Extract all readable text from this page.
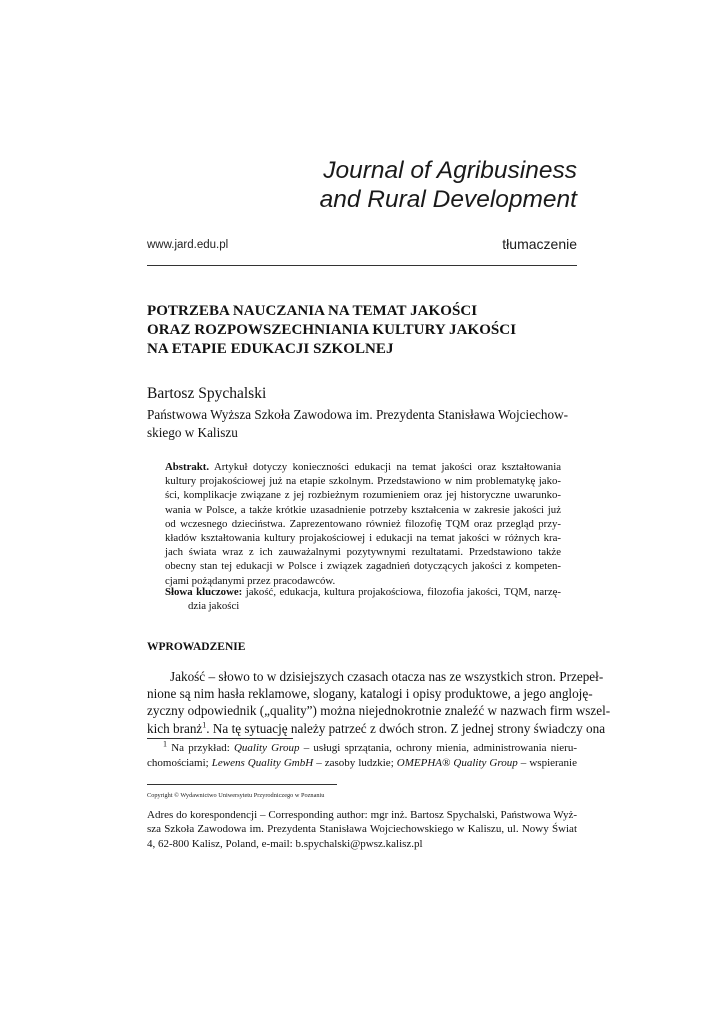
Journal of Agribusiness
and Rural Development
www.jard.edu.pl	tłumaczenie
POTRZEBA NAUCZANIA NA TEMAT JAKOŚCI
ORAZ ROZPOWSZECHNIANIA KULTURY JAKOŚCI
NA ETAPIE EDUKACJI SZKOLNEJ
Bartosz Spychalski
Państwowa Wyższa Szkoła Zawodowa im. Prezydenta Stanisława Wojciechow-
skiego w Kaliszu
Abstrakt. Artykuł dotyczy konieczności edukacji na temat jakości oraz kształtowania
kultury projakościowej już na etapie szkolnym. Przedstawiono w nim problematykę jako-
ści, komplikacje związane z jej rozbieżnym rozumieniem oraz jej historyczne uwarunko-
wania w Polsce, a także krótkie uzasadnienie potrzeby kształcenia w zakresie jakości już
od wczesnego dzieciństwa. Zaprezentowano również filozofię TQM oraz przegląd przy-
kładów kształtowania kultury projakościowej i edukacji na temat jakości w różnych kra-
jach świata wraz z ich zauważalnymi pozytywnymi rezultatami. Przedstawiono także
obecny stan tej edukacji w Polsce i związek zagadnień dotyczących jakości z kompeten-
cjami pożądanymi przez pracodawców.
Słowa kluczowe: jakość, edukacja, kultura projakościowa, filozofia jakości, TQM, narzę-
dzia jakości
WPROWADZENIE
Jakość – słowo to w dzisiejszych czasach otacza nas ze wszystkich stron. Przepeł-
nione są nim hasła reklamowe, slogany, katalogi i opisy produktowe, a jego angloję-
zyczny odpowiednik („quality”) można niejednokrotnie znaleźć w nazwach firm wszel-
kich branż$^1$. Na tę sytuację należy patrzeć z dwóch stron. Z jednej strony świadczy ona
$^1$ Na przykład: Quality Group – usługi sprzątania, ochrony mienia, administrowania nieru-
chomościami; Lewens Quality GmbH – zasoby ludzkie; OMEPHA® Quality Group – wspieranie
Copyright © Wydawnictwo Uniwersytetu Przyrodniczego w Poznaniu
Adres do korespondencji – Corresponding author: mgr inż. Bartosz Spychalski, Państwowa Wyż-
sza Szkoła Zawodowa im. Prezydenta Stanisława Wojciechowskiego w Kaliszu, ul. Nowy Świat
4, 62-800 Kalisz, Poland, e-mail: b.spychalski@pwsz.kalisz.pl
